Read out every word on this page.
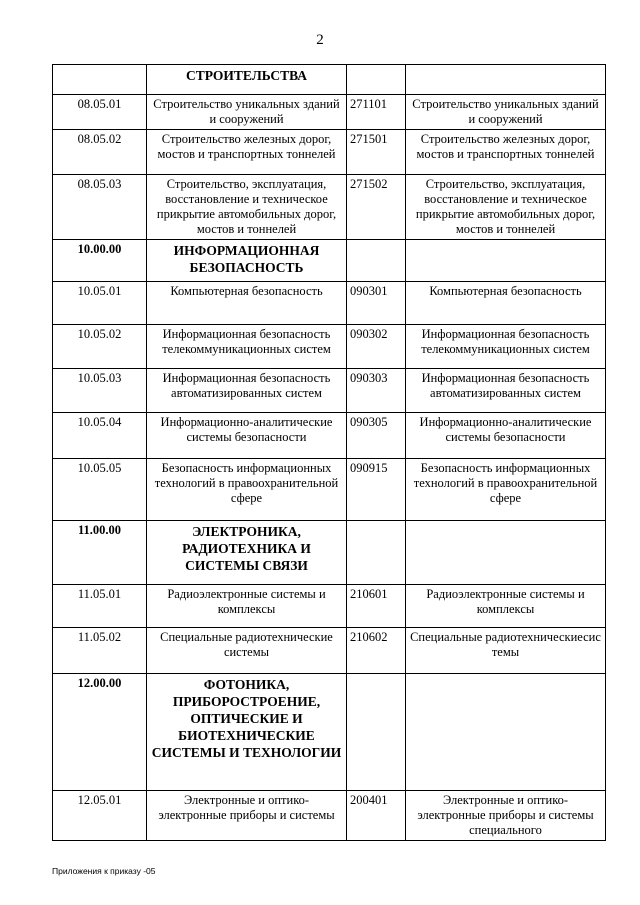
2
	СТРОИТЕЛЬСТВА		
08.05.01	Строительство уникальных зданий и сооружений	271101	Строительство уникальных зданий и сооружений
08.05.02	Строительство железных дорог, мостов и транспортных тоннелей	271501	Строительство железных дорог, мостов и транспортных тоннелей
08.05.03	Строительство, эксплуатация, восстановление и техническое прикрытие автомобильных дорог, мостов и тоннелей	271502	Строительство, эксплуатация, восстановление и техническое прикрытие автомобильных дорог, мостов и тоннелей
10.00.00	ИНФОРМАЦИОННАЯ БЕЗОПАСНОСТЬ		
10.05.01	Компьютерная безопасность	090301	Компьютерная безопасность
10.05.02	Информационная безопасность телекоммуникационных систем	090302	Информационная безопасность телекоммуникационных систем
10.05.03	Информационная безопасность автоматизированных систем	090303	Информационная безопасность автоматизированных систем
10.05.04	Информационно-аналитические системы безопасности	090305	Информационно-аналитические системы безопасности
10.05.05	Безопасность информационных технологий в правоохранительной сфере	090915	Безопасность информационных технологий в правоохранительной сфере
11.00.00	ЭЛЕКТРОНИКА, РАДИОТЕХНИКА И СИСТЕМЫ СВЯЗИ		
11.05.01	Радиоэлектронные системы и комплексы	210601	Радиоэлектронные системы и комплексы
11.05.02	Специальные радиотехнические системы	210602	Специальные радиотехническиесис темы
12.00.00	ФОТОНИКА, ПРИБОРОСТРОЕНИЕ, ОПТИЧЕСКИЕ И БИОТЕХНИЧЕСКИЕ СИСТЕМЫ И ТЕХНОЛОГИИ		
12.05.01	Электронные и оптико-электронные приборы и системы	200401	Электронные и оптико-электронные приборы и системы специального
Приложения к приказу -05
